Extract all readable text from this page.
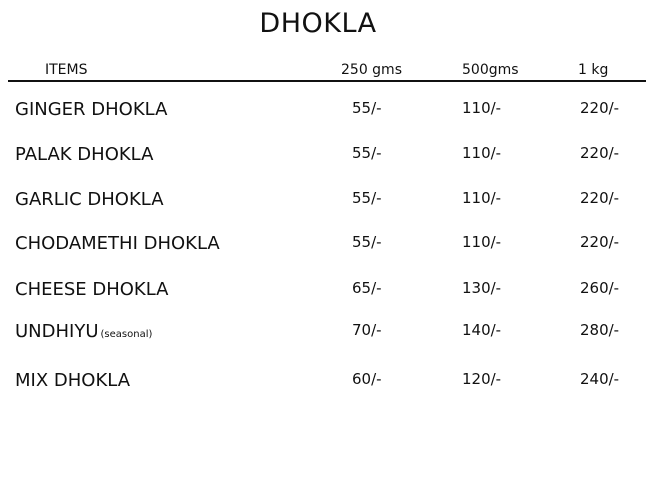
DHOKLA
ITEMS	250 gms	500gms	1 kg
GINGER DHOKLA	55/-	110/-	220/-
PALAK DHOKLA	55/-	110/-	220/-
GARLIC DHOKLA	55/-	110/-	220/-
CHODAMETHI DHOKLA	55/-	110/-	220/-
CHEESE DHOKLA	65/-	130/-	260/-
UNDHIYU (seasonal)	70/-	140/-	280/-
MIX DHOKLA	60/-	120/-	240/-
